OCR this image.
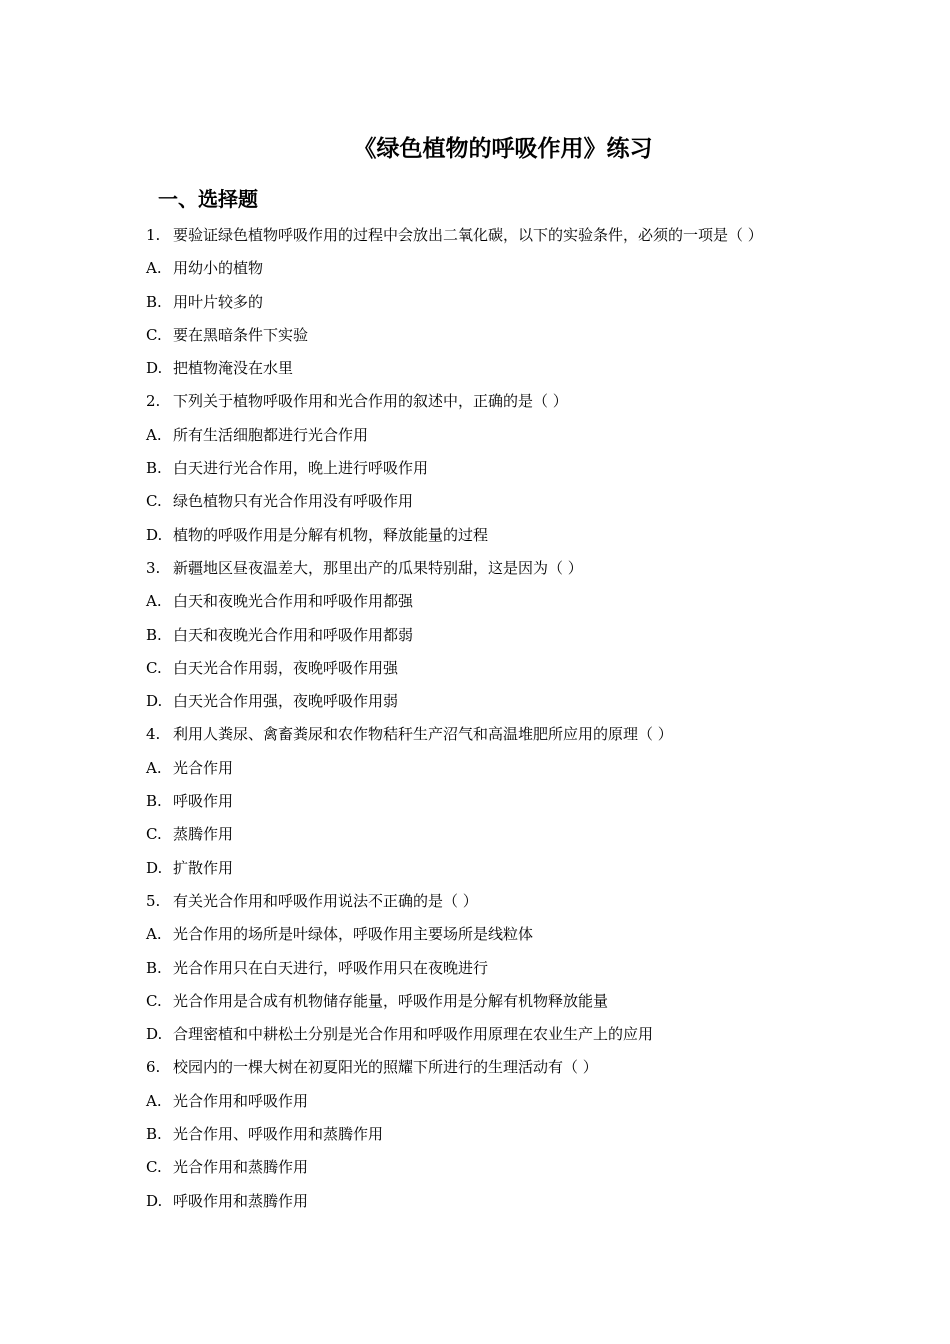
《绿色植物的呼吸作用》练习
一、选择题
1. 要验证绿色植物呼吸作用的过程中会放出二氧化碳，以下的实验条件，必须的一项是（ ）
A. 用幼小的植物
B. 用叶片较多的
C. 要在黑暗条件下实验
D. 把植物淹没在水里
2. 下列关于植物呼吸作用和光合作用的叙述中，正确的是（ ）
A. 所有生活细胞都进行光合作用
B. 白天进行光合作用，晚上进行呼吸作用
C. 绿色植物只有光合作用没有呼吸作用
D. 植物的呼吸作用是分解有机物，释放能量的过程
3. 新疆地区昼夜温差大，那里出产的瓜果特别甜，这是因为（ ）
A. 白天和夜晚光合作用和呼吸作用都强
B. 白天和夜晚光合作用和呼吸作用都弱
C. 白天光合作用弱，夜晚呼吸作用强
D. 白天光合作用强，夜晚呼吸作用弱
4. 利用人粪尿、禽畜粪尿和农作物秸秆生产沼气和高温堆肥所应用的原理（ ）
A. 光合作用
B. 呼吸作用
C. 蒸腾作用
D. 扩散作用
5. 有关光合作用和呼吸作用说法不正确的是（ ）
A. 光合作用的场所是叶绿体，呼吸作用主要场所是线粒体
B. 光合作用只在白天进行，呼吸作用只在夜晚进行
C. 光合作用是合成有机物储存能量，呼吸作用是分解有机物释放能量
D. 合理密植和中耕松土分别是光合作用和呼吸作用原理在农业生产上的应用
6. 校园内的一棵大树在初夏阳光的照耀下所进行的生理活动有（ ）
A. 光合作用和呼吸作用
B. 光合作用、呼吸作用和蒸腾作用
C. 光合作用和蒸腾作用
D. 呼吸作用和蒸腾作用
